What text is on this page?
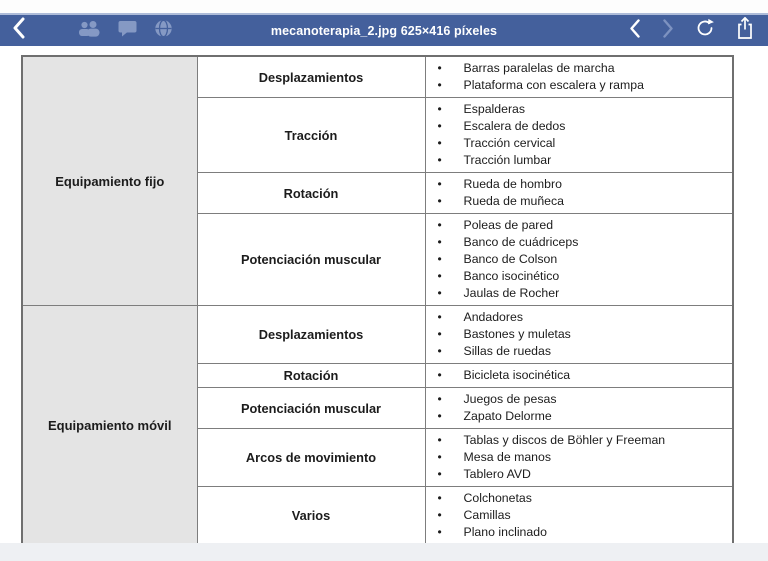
mecanoterapia_2.jpg 625×416 píxeles
Equipamiento fijo	Desplazamientos	
• Barras paralelas de marcha
• Plataforma con escalera y rampa

Tracción	
• Espalderas
• Escalera de dedos
• Tracción cervical
• Tracción lumbar

Rotación	
• Rueda de hombro
• Rueda de muñeca

Potenciación muscular	
• Poleas de pared
• Banco de cuádriceps
• Banco de Colson
• Banco isocinético
• Jaulas de Rocher

Equipamiento móvil	Desplazamientos	
• Andadores
• Bastones y muletas
• Sillas de ruedas

Rotación	
•Bicicleta isocinética

Potenciación muscular	
• Juegos de pesas
• Zapato Delorme

Arcos de movimiento	
• Tablas y discos de Böhler y Freeman
• Mesa de manos
• Tablero AVD

Varios	
• Colchonetas
• Camillas
• Plano inclinado
